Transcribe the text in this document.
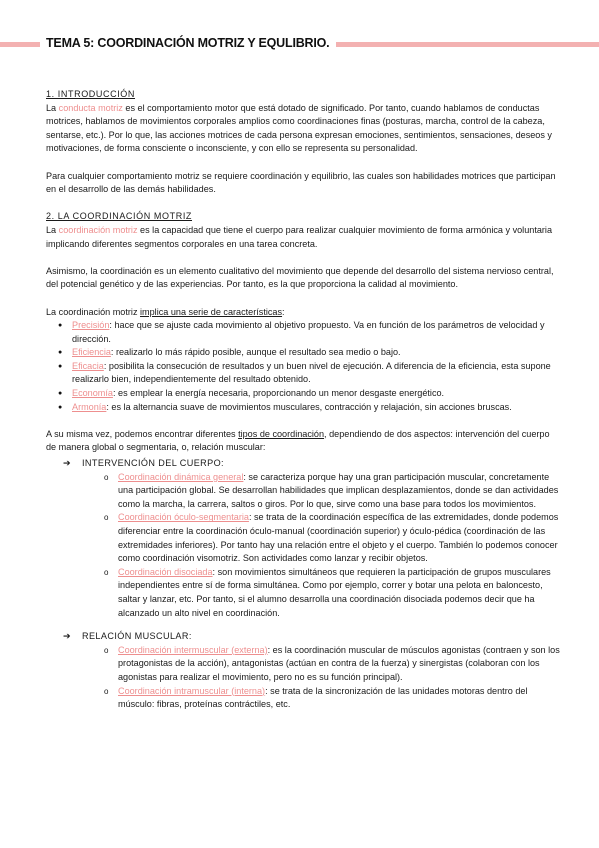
TEMA 5: COORDINACIÓN MOTRIZ Y EQULIBRIO.

1. INTRODUCCIÓN

La conducta motriz es el comportamiento motor que está dotado de significado. Por tanto, cuando hablamos de conductas motrices, hablamos de movimientos corporales amplios como coordinaciones finas (posturas, marcha, control de la cabeza, sentarse, etc.). Por lo que, las acciones motrices de cada persona expresan emociones, sentimientos, sensaciones, deseos y motivaciones, de forma consciente o inconsciente, y con ello se representa su personalidad.

Para cualquier comportamiento motriz se requiere coordinación y equilibrio, las cuales son habilidades motrices que participan en el desarrollo de las demás habilidades.

2. LA COORDINACIÓN MOTRIZ

La coordinación motriz es la capacidad que tiene el cuerpo para realizar cualquier movimiento de forma armónica y voluntaria implicando diferentes segmentos corporales en una tarea concreta.

Asimismo, la coordinación es un elemento cualitativo del movimiento que depende del desarrollo del sistema nervioso central, del potencial genético y de las experiencias. Por tanto, es la que proporciona la calidad al movimiento.

La coordinación motriz implica una serie de características:

● Precisión: hace que se ajuste cada movimiento al objetivo propuesto. Va en función de los parámetros de velocidad y dirección.
● Eficiencia: realizarlo lo más rápido posible, aunque el resultado sea medio o bajo.
● Eficacia: posibilita la consecución de resultados y un buen nivel de ejecución. A diferencia de la eficiencia, esta supone realizarlo bien, independientemente del resultado obtenido.
● Economía: es emplear la energía necesaria, proporcionando un menor desgaste energético.
● Armonía: es la alternancia suave de movimientos musculares, contracción y relajación, sin acciones bruscas.

A su misma vez, podemos encontrar diferentes tipos de coordinación, dependiendo de dos aspectos: intervención del cuerpo de manera global o segmentaria, o, relación muscular:

➔ INTERVENCIÓN DEL CUERPO:
o Coordinación dinámica general: se caracteriza porque hay una gran participación muscular, concretamente una participación global. Se desarrollan habilidades que implican desplazamientos, donde se dan actividades como la marcha, la carrera, saltos o giros. Por lo que, sirve como una base para todos los movimientos.
o Coordinación óculo-segmentaria: se trata de la coordinación específica de las extremidades, donde podemos diferenciar entre la coordinación óculo-manual (coordinación superior) y óculo-pédica (coordinación de las extremidades inferiores). Por tanto hay una relación entre el objeto y el cuerpo. También lo podemos conocer como coordinación visomotriz. Son actividades como lanzar y recibir objetos.
o Coordinación disociada: son movimientos simultáneos que requieren la participación de grupos musculares independientes entre sí de forma simultánea. Como por ejemplo, correr y botar una pelota en baloncesto, saltar y lanzar, etc. Por tanto, si el alumno desarrolla una coordinación disociada podemos decir que ha alcanzado un alto nivel en coordinación.
➔ RELACIÓN MUSCULAR:
o Coordinación intermuscular (externa): es la coordinación muscular de músculos agonistas (contraen y son los protagonistas de la acción), antagonistas (actúan en contra de la fuerza) y sinergistas (colaboran con los agonistas para realizar el movimiento, pero no es su función principal).
o Coordinación intramuscular (interna): se trata de la sincronización de las unidades motoras dentro del músculo: fibras, proteínas contráctiles, etc.
